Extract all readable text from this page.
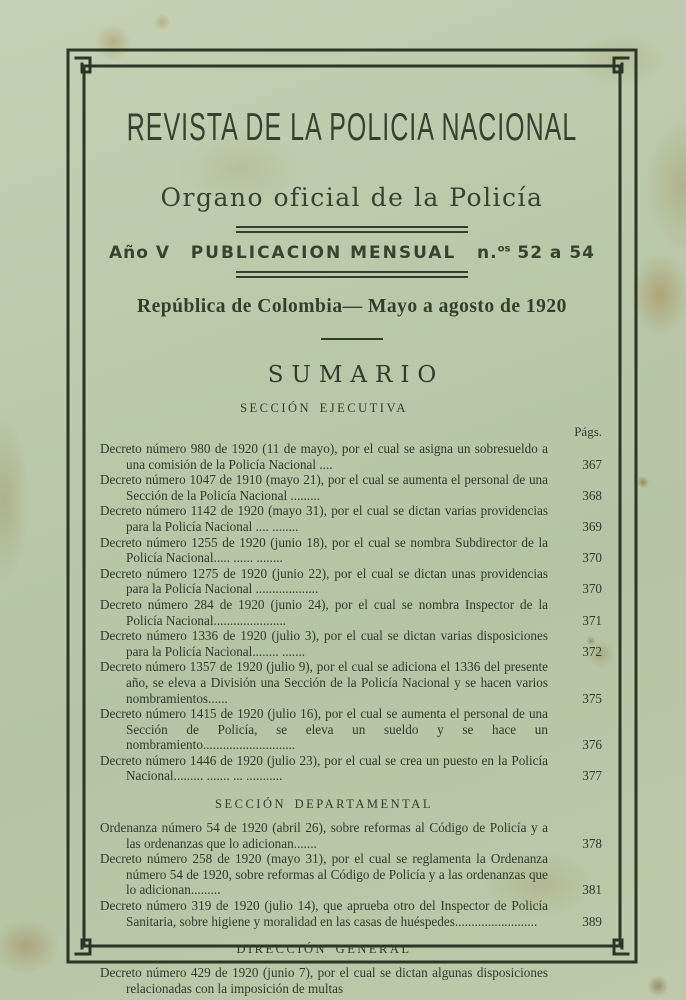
REVISTA DE LA POLICIA NACIONAL
Organo oficial de la Policía
Año V PUBLICACION MENSUAL n.$^{os}$ 52 a 54
República de Colombia— Mayo a agosto de 1920
SUMARIO
SECCIÓN EJECUTIVA
Págs.
Decreto número 980 de 1920 (11 de mayo), por el cual se asigna un sobresueldo a una comisión de la Policía Nacional ....	367
Decreto número 1047 de 1910 (mayo 21), por el cual se aumenta el personal de una Sección de la Policía Nacional .........	368
Decreto número 1142 de 1920 (mayo 31), por el cual se dictan varias providencias para la Policía Nacional .... ........	369
Decreto número 1255 de 1920 (junio 18), por el cual se nombra Subdirector de la Policía Nacional..... ...... ........	370
Decreto número 1275 de 1920 (junio 22), por el cual se dictan unas providencias para la Policía Nacional ...................	370
Decreto número 284 de 1920 (junio 24), por el cual se nombra Inspector de la Policía Nacional......................	371
Decreto número 1336 de 1920 (julio 3), por el cual se dictan varias disposiciones para la Policía Nacional........ .......	372
Decreto número 1357 de 1920 (julio 9), por el cual se adiciona el 1336 del presente año, se eleva a División una Sección de la Policía Nacional y se hacen varios nombramientos......	375
Decreto número 1415 de 1920 (julio 16), por el cual se aumenta el personal de una Sección de Policía, se eleva un sueldo y se hace un nombramiento............................	376
Decreto número 1446 de 1920 (julio 23), por el cual se crea un puesto en la Policía Nacional......... ....... ... ...........	377
SECCIÓN DEPARTAMENTAL
Ordenanza número 54 de 1920 (abril 26), sobre reformas al Código de Policía y a las ordenanzas que lo adicionan.......	378
Decreto número 258 de 1920 (mayo 31), por el cual se reglamenta la Ordenanza número 54 de 1920, sobre reformas al Código de Policía y a las ordenanzas que lo adicionan.........	381
Decreto número 319 de 1920 (julio 14), que aprueba otro del Inspector de Policía Sanitaria, sobre higiene y moralidad en las casas de huéspedes.........................	389
DIRECCIÓN GENERAL
Decreto número 429 de 1920 (junio 7), por el cual se dictan algunas disposiciones relacionadas con la imposición de multas
